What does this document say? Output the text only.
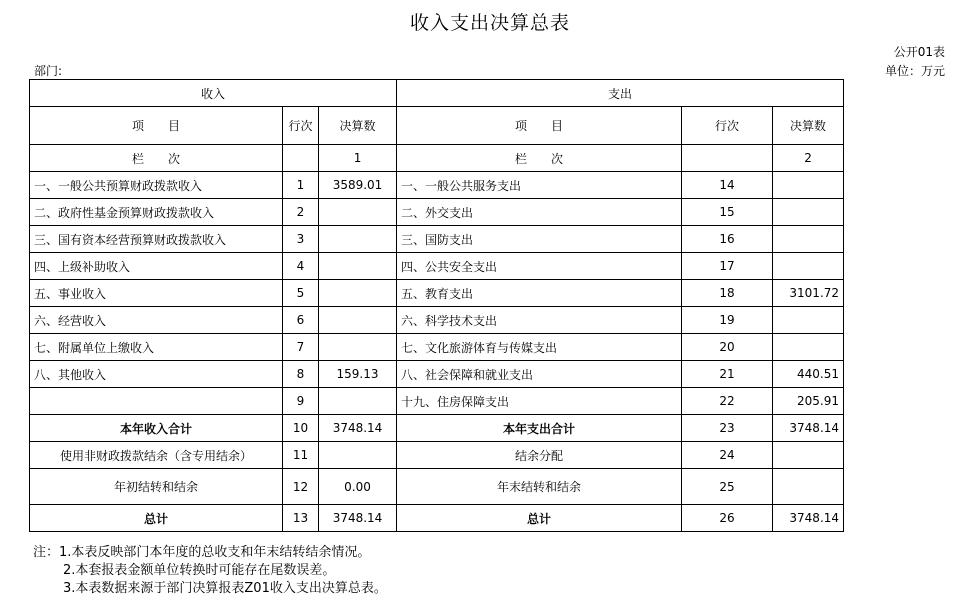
收入支出决算总表
公开01表
部门:	单位：万元
收入			支出		
项　　目	行次	决算数	项　　目	行次	决算数
栏　　次		1	栏　　次		2
一、一般公共预算财政拨款收入	1	3589.01	一、一般公共服务支出	14	
二、政府性基金预算财政拨款收入	2		二、外交支出	15	
三、国有资本经营预算财政拨款收入	3		三、国防支出	16	
四、上级补助收入	4		四、公共安全支出	17	
五、事业收入	5		五、教育支出	18	3101.72
六、经营收入	6		六、科学技术支出	19	
七、附属单位上缴收入	7		七、文化旅游体育与传媒支出	20	
八、其他收入	8	159.13	八、社会保障和就业支出	21	440.51
	9		十九、住房保障支出	22	205.91
本年收入合计	10	3748.14	本年支出合计	23	3748.14
使用非财政拨款结余（含专用结余）	11		结余分配	24	
年初结转和结余	12	0.00	年末结转和结余	25	
总计	13	3748.14	总计	26	3748.14
注：1.本表反映部门本年度的总收支和年末结转结余情况。
2.本套报表金额单位转换时可能存在尾数误差。
3.本表数据来源于部门决算报表Z01收入支出决算总表。
